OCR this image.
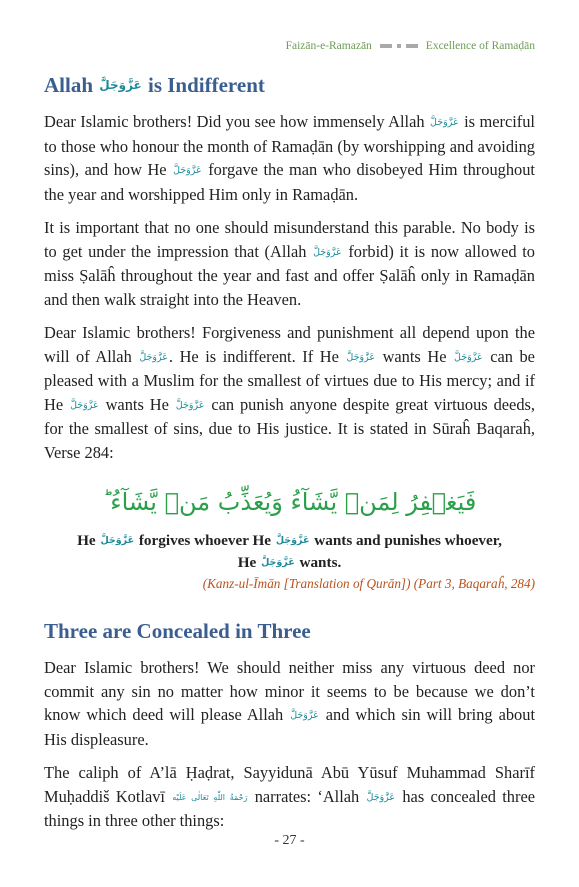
Faizān-e-Ramazān	Excellence of Ramaḍān
Allah عَزَّوَجَلَّ is Indifferent

Dear Islamic brothers! Did you see how immensely Allah عَزَّوَجَلَّ is merciful to those who honour the month of Ramaḍān (by worshipping and avoiding sins), and how He عَزَّوَجَلَّ forgave the man who disobeyed Him throughout the year and worshipped Him only in Ramaḍān.

It is important that no one should misunderstand this parable. No body is to get under the impression that (Allah عَزَّوَجَلَّ forbid) it is now allowed to miss Ṣalāĥ throughout the year and fast and offer Ṣalāĥ only in Ramaḍān and then walk straight into the Heaven.

Dear Islamic brothers! Forgiveness and punishment all depend upon the will of Allah عَزَّوَجَلَّ. He is indifferent. If He عَزَّوَجَلَّ wants He عَزَّوَجَلَّ can be pleased with a Muslim for the smallest of virtues due to His mercy; and if He عَزَّوَجَلَّ wants He عَزَّوَجَلَّ can punish anyone despite great virtuous deeds, for the smallest of sins, due to His justice. It is stated in Sūraĥ Baqaraĥ, Verse 284:

فَيَغۡفِرُ لِمَنۡ يَّشَآءُ وَيُعَذِّبُ مَنۡ يَّشَآءُ ؕ
He عَزَّوَجَلَّ forgives whoever He عَزَّوَجَلَّ wants and punishes whoever,
He عَزَّوَجَلَّ wants.
(Kanz-ul-Īmān [Translation of Qurān]) (Part 3, Baqaraĥ, 284)
Three are Concealed in Three

Dear Islamic brothers! We should neither miss any virtuous deed nor commit any sin no matter how minor it seems to be because we don’t know which deed will please Allah عَزَّوَجَلَّ and which sin will bring about His displeasure.

The caliph of A’lā Ḥaḍrat, Sayyidunā Abū Yūsuf Muhammad Sharīf Muḥaddiš Kotlavī رَحْمَةُ اللّٰهِ تَعَالٰی عَلَيْه narrates: ‘Allah عَزَّوَجَلَّ has concealed three things in three other things:

- 27 -
